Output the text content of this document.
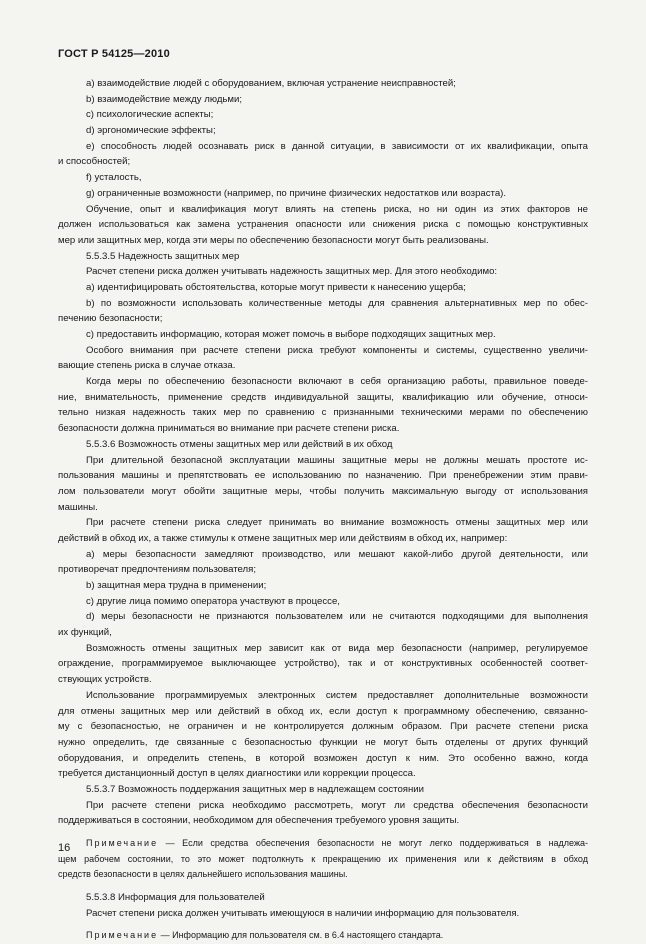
ГОСТ Р 54125—2010
a) взаимодействие людей с оборудованием, включая устранение неисправностей;
b) взаимодействие между людьми;
c) психологические аспекты;
d) эргономические эффекты;
e) способность людей осознавать риск в данной ситуации, в зависимости от их квалификации, опыта
и способностей;
f) усталость,
g) ограниченные возможности (например, по причине физических недостатков или возраста).
Обучение, опыт и квалификация могут влиять на степень риска, но ни один из этих факторов не
должен использоваться как замена устранения опасности или снижения риска с помощью конструктивных
мер или защитных мер, когда эти меры по обеспечению безопасности могут быть реализованы.
5.5.3.5 Надежность защитных мер
Расчет степени риска должен учитывать надежность защитных мер. Для этого необходимо:
a) идентифицировать обстоятельства, которые могут привести к нанесению ущерба;
b) по возможности использовать количественные методы для сравнения альтернативных мер по обес-
печению безопасности;
c) предоставить информацию, которая может помочь в выборе подходящих защитных мер.
Особого внимания при расчете степени риска требуют компоненты и системы, существенно увеличи-
вающие степень риска в случае отказа.
Когда меры по обеспечению безопасности включают в себя организацию работы, правильное поведе-
ние, внимательность, применение средств индивидуальной защиты, квалификацию или обучение, относи-
тельно низкая надежность таких мер по сравнению с признанными техническими мерами по обеспечению
безопасности должна приниматься во внимание при расчете степени риска.
5.5.3.6 Возможность отмены защитных мер или действий в их обход
При длительной безопасной эксплуатации машины защитные меры не должны мешать простоте ис-
пользования машины и препятствовать ее использованию по назначению. При пренебрежении этим прави-
лом пользователи могут обойти защитные меры, чтобы получить максимальную выгоду от использования
машины.
При расчете степени риска следует принимать во внимание возможность отмены защитных мер или
действий в обход их, а также стимулы к отмене защитных мер или действиям в обход их, например:
a) меры безопасности замедляют производство, или мешают какой-либо другой деятельности, или
противоречат предпочтениям пользователя;
b) защитная мера трудна в применении;
c) другие лица помимо оператора участвуют в процессе,
d) меры безопасности не признаются пользователем или не считаются подходящими для выполнения
их функций,
Возможность отмены защитных мер зависит как от вида мер безопасности (например, регулируемое
ограждение, программируемое выключающее устройство), так и от конструктивных особенностей соответ-
ствующих устройств.
Использование программируемых электронных систем предоставляет дополнительные возможности
для отмены защитных мер или действий в обход их, если доступ к программному обеспечению, связанно-
му с безопасностью, не ограничен и не контролируется должным образом. При расчете степени риска
нужно определить, где связанные с безопасностью функции не могут быть отделены от других функций
оборудования, и определить степень, в которой возможен доступ к ним. Это особенно важно, когда
требуется дистанционный доступ в целях диагностики или коррекции процесса.
5.5.3.7 Возможность поддержания защитных мер в надлежащем состоянии
При расчете степени риска необходимо рассмотреть, могут ли средства обеспечения безопасности
поддерживаться в состоянии, необходимом для обеспечения требуемого уровня защиты.
Примечание — Если средства обеспечения безопасности не могут легко поддерживаться в надлежа-
щем рабочем состоянии, то это может подтолкнуть к прекращению их применения или к действиям в обход
средств безопасности в целях дальнейшего использования машины.
5.5.3.8 Информация для пользователей
Расчет степени риска должен учитывать имеющуюся в наличии информацию для пользователя.
Примечание — Информацию для пользователя см. в 6.4 настоящего стандарта.
16
